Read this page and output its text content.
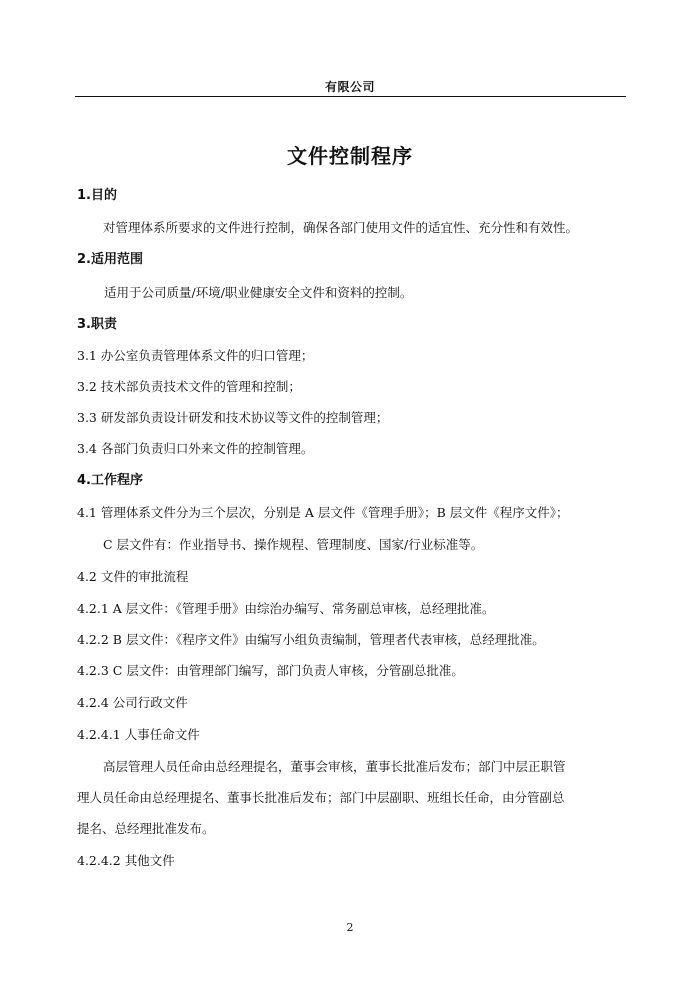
有限公司
文件控制程序
1.目的
对管理体系所要求的文件进行控制，确保各部门使用文件的适宜性、充分性和有效性。
2.适用范围
适用于公司质量/环境/职业健康安全文件和资料的控制。
3.职责
3.1 办公室负责管理体系文件的归口管理；
3.2 技术部负责技术文件的管理和控制；
3.3 研发部负责设计研发和技术协议等文件的控制管理；
3.4 各部门负责归口外来文件的控制管理。
4.工作程序
4.1 管理体系文件分为三个层次，分别是 A 层文件《管理手册》；B 层文件《程序文件》；
C 层文件有：作业指导书、操作规程、管理制度、国家/行业标准等。
4.2 文件的审批流程
4.2.1 A 层文件：《管理手册》由综治办编写、常务副总审核，总经理批准。
4.2.2 B 层文件：《程序文件》由编写小组负责编制，管理者代表审核，总经理批准。
4.2.3 C 层文件：由管理部门编写，部门负责人审核，分管副总批准。
4.2.4 公司行政文件
4.2.4.1 人事任命文件
高层管理人员任命由总经理提名，董事会审核，董事长批准后发布；部门中层正职管
理人员任命由总经理提名、董事长批准后发布；部门中层副职、班组长任命，由分管副总
提名、总经理批准发布。
4.2.4.2 其他文件
2
